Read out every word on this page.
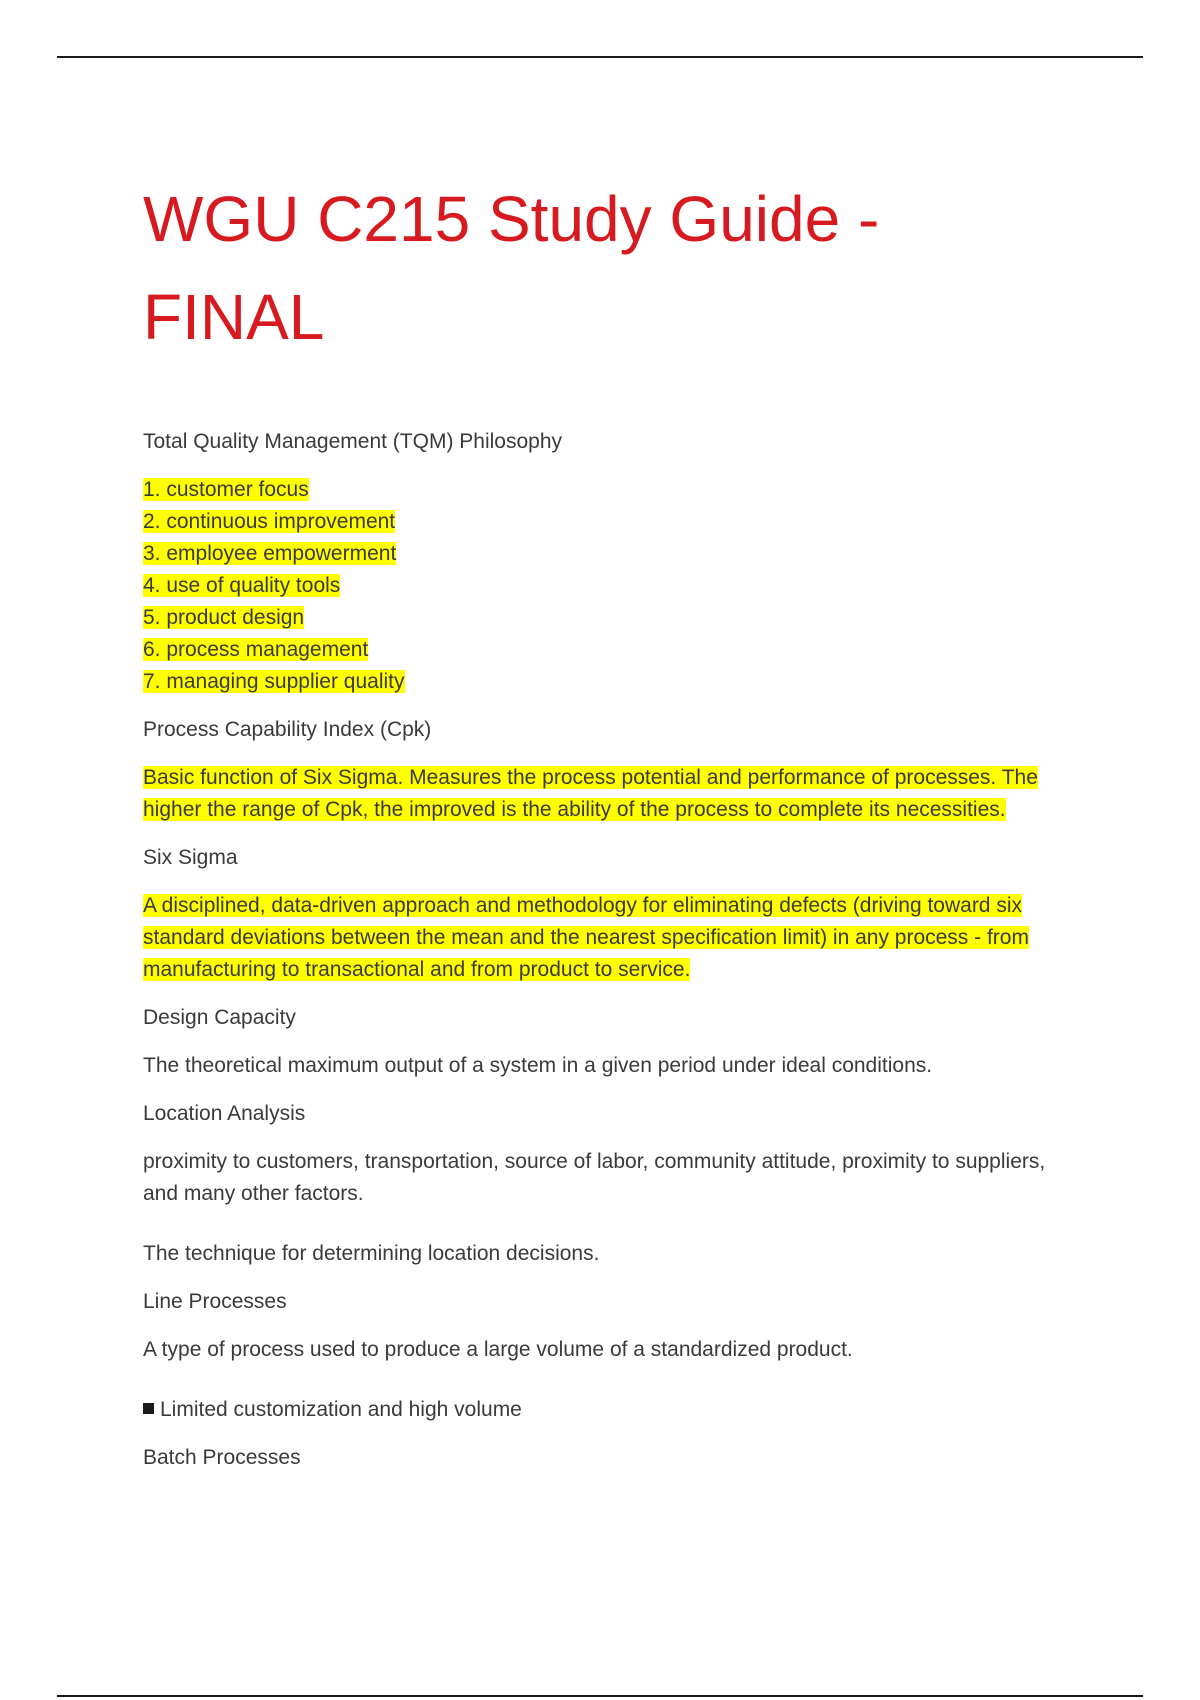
WGU C215 Study Guide - FINAL

Total Quality Management (TQM) Philosophy

1. customer focus
2. continuous improvement
3. employee empowerment
4. use of quality tools
5. product design
6. process management
7. managing supplier quality

Process Capability Index (Cpk)

Basic function of Six Sigma. Measures the process potential and performance of processes. The higher the range of Cpk, the improved is the ability of the process to complete its necessities.

Six Sigma

A disciplined, data-driven approach and methodology for eliminating defects (driving toward six standard deviations between the mean and the nearest specification limit) in any process - from manufacturing to transactional and from product to service.

Design Capacity

The theoretical maximum output of a system in a given period under ideal conditions.

Location Analysis

proximity to customers, transportation, source of labor, community attitude, proximity to suppliers, and many other factors.

The technique for determining location decisions.

Line Processes

A type of process used to produce a large volume of a standardized product.

Limited customization and high volume

Batch Processes
